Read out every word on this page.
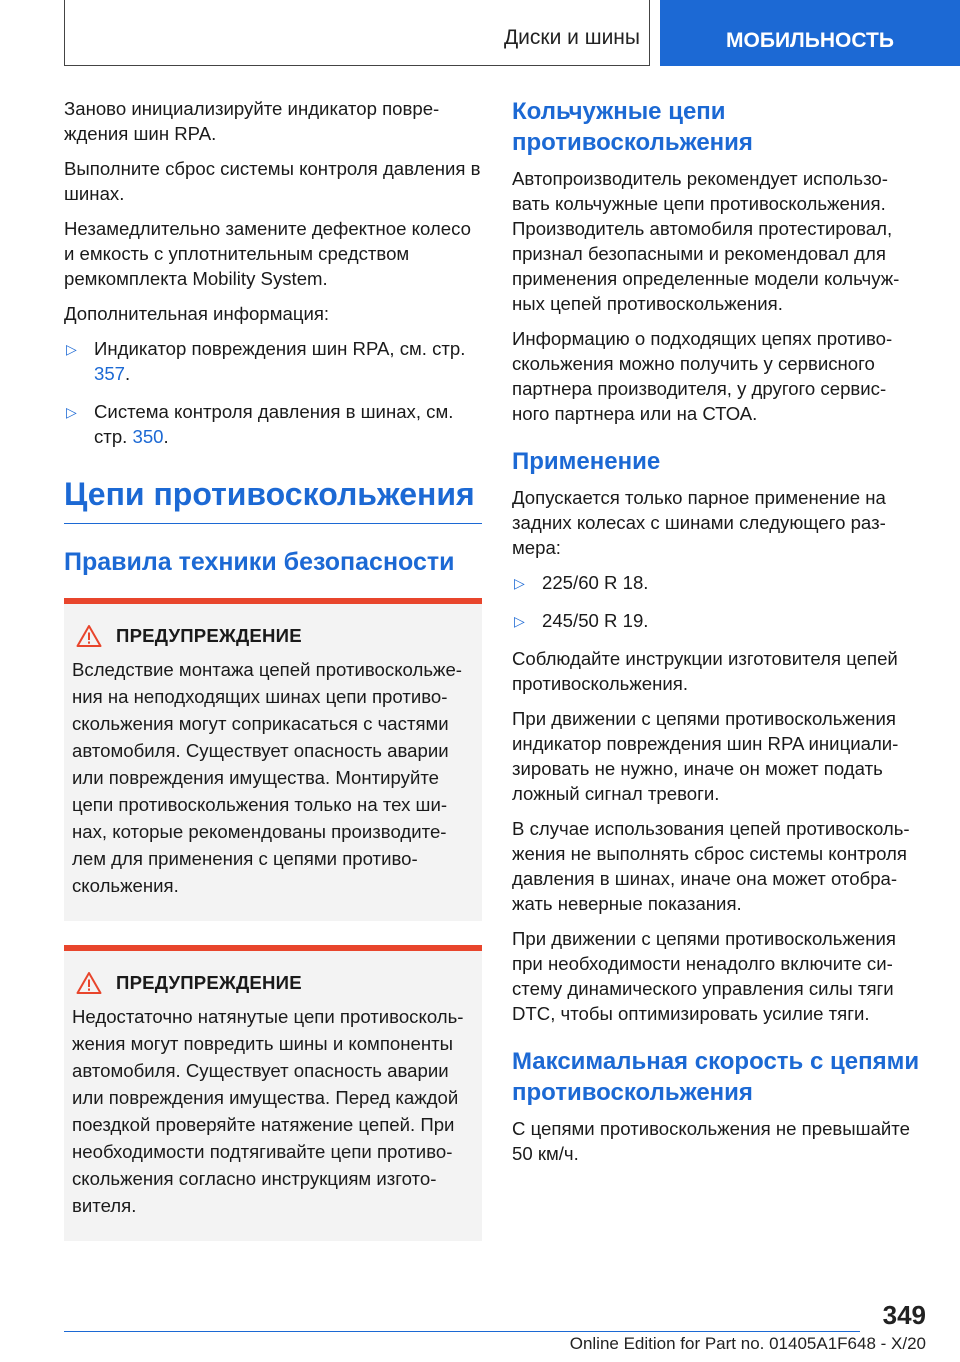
Диски и шины	МОБИЛЬНОСТЬ

Заново инициализируйте индикатор повре-ждения шин RPA.

Выполните сброс системы контроля давления в шинах.

Незамедлительно замените дефектное колесо и емкость с уплотнительным средством ремкомплекта Mobility System.

Дополнительная информация:

▷ Индикатор повреждения шин RPA, см. стр. 357.
▷ Система контроля давления в шинах, см. стр. 350.
Цепи противоскольжения
Правила техники безопасности
ПРЕДУПРЕЖДЕНИЕ
Вследствие монтажа цепей противоскольже-ния на неподходящих шинах цепи противо-скольжения могут соприкасаться с частями автомобиля. Существует опасность аварии или повреждения имущества. Монтируйте цепи противоскольжения только на тех ши-нах, которые рекомендованы производите-лем для применения с цепями противо-скольжения.
ПРЕДУПРЕЖДЕНИЕ
Недостаточно натянутые цепи противосколь-жения могут повредить шины и компоненты автомобиля. Существует опасность аварии или повреждения имущества. Перед каждой поездкой проверяйте натяжение цепей. При необходимости подтягивайте цепи противо-скольжения согласно инструкциям изгото-вителя.
Кольчужные цепи противоскольжения

Автопроизводитель рекомендует использо-вать кольчужные цепи противоскольжения. Производитель автомобиля протестировал, признал безопасными и рекомендовал для применения определенные модели кольчуж-ных цепей противоскольжения.

Информацию о подходящих цепях противо-скольжения можно получить у сервисного партнера производителя, у другого сервис-ного партнера или на СТОА.

Применение

Допускается только парное применение на задних колесах с шинами следующего раз-мера:

▷ 225/60 R 18.
▷ 245/50 R 19.

Соблюдайте инструкции изготовителя цепей противоскольжения.

При движении с цепями противоскольжения индикатор повреждения шин RPA инициали-зировать не нужно, иначе он может подать ложный сигнал тревоги.

В случае использования цепей противосколь-жения не выполнять сброс системы контроля давления в шинах, иначе она может отобра-жать неверные показания.

При движении с цепями противоскольжения при необходимости ненадолго включите си-стему динамического управления силы тяги DTC, чтобы оптимизировать усилие тяги.

Максимальная скорость с цепями противоскольжения

С цепями противоскольжения не превышайте 50 км/ч.

349
Online Edition for Part no. 01405A1F648 - X/20
